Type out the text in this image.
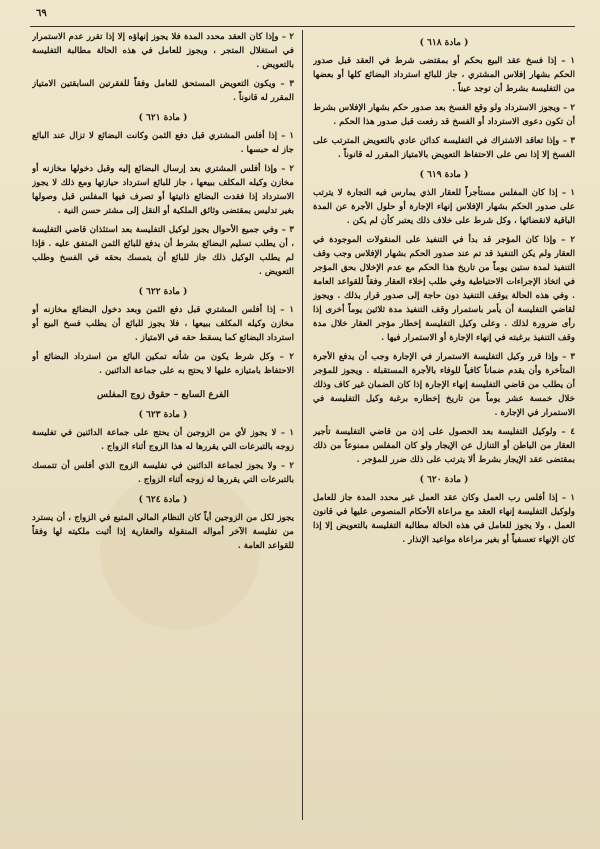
٦٩
( مادة ٦١٨ )
١ – إذا فسخ عقد البيع بحكم أو بمقتضى شرط في العقد قبل صدور الحكم بشهار إفلاس المشتري ، جاز للبائع استرداد البضائع كلها أو بعضها من التفليسة بشرط أن توجد عيناً .
٢ – ويجوز الاسترداد ولو وقع الفسخ بعد صدور حكم بشهار الإفلاس بشرط أن تكون دعوى الاسترداد أو الفسخ قد رفعت قبل صدور هذا الحكم .
٣ – وإذا تعاقد الاشتراك في التفليسة كدائن عادي بالتعويض المترتب على الفسخ إلا إذا نص على الاحتفاظ التعويض بالامتياز المقرر له قانوناً .
( مادة ٦١٩ )
١ – إذا كان المفلس مستأجراً للعقار الذي يمارس فيه التجارة لا يترتب على صدور الحكم بشهار الإفلاس إنهاء الإجارة أو حلول الأجرة عن المدة الباقية لانقضائها ، وكل شرط على خلاف ذلك يعتبر كأن لم يكن .
٢ – وإذا كان المؤجر قد بدأ في التنفيذ على المنقولات الموجودة في العقار ولم يكن التنفيذ قد تم عند صدور الحكم بشهار الإفلاس وجب وقف التنفيذ لمدة ستين يوماً من تاريخ هذا الحكم مع عدم الإخلال بحق المؤجر في اتخاذ الإجراءات الاحتياطية وفي طلب إخلاء العقار وفقاً للقواعد العامة . وفي هذه الحالة يوقف التنفيذ دون حاجة إلى صدور قرار بذلك . ويجوز لقاضي التفليسة أن يأمر باستمرار وقف التنفيذ مدة ثلاثين يوماً أخرى إذا رأى ضرورة لذلك . وعلى وكيل التفليسة إخطار مؤجر العقار خلال مدة وقف التنفيذ برغبته في إنهاء الإجارة أو الاستمرار فيها .
٣ – وإذا قرر وكيل التفليسة الاستمرار في الإجارة وجب أن يدفع الأجرة المتأخرة وأن يقدم ضماناً كافياً للوفاء بالأجرة المستقبلة . ويجوز للمؤجر أن يطلب من قاضي التفليسة إنهاء الإجارة إذا كان الضمان غير كاف وذلك خلال خمسة عشر يوماً من تاريخ إخطاره برغبة وكيل التفليسة في الاستمرار في الإجارة .
٤ – ولوكيل التفليسة بعد الحصول على إذن من قاضي التفليسة تأجير العقار من الباطن أو التنازل عن الإيجار ولو كان المفلس ممنوعاً من ذلك بمقتضى عقد الإيجار بشرط ألا يترتب على ذلك ضرر للمؤجر .
( مادة ٦٢٠ )
١ – إذا أفلس رب العمل وكان عقد العمل غير محدد المدة جاز للعامل ولوكيل التفليسة إنهاء العقد مع مراعاة الأحكام المنصوص عليها في قانون العمل ، ولا يجوز للعامل في هذه الحالة مطالبة التفليسة بالتعويض إلا إذا كان الإنهاء تعسفياً أو بغير مراعاة مواعيد الإنذار .
٢ – وإذا كان العقد محدد المدة فلا يجوز إنهاؤه إلا إذا تقرر عدم الاستمرار في استغلال المتجر ، ويجوز للعامل في هذه الحالة مطالبة التفليسة بالتعويض .
٣ – ويكون التعويض المستحق للعامل وفقاً للفقرتين السابقتين الامتياز المقرر له قانوناً .
( مادة ٦٢١ )
١ – إذا أفلس المشتري قبل دفع الثمن وكانت البضائع لا تزال عند البائع جاز له حبسها .
٢ – وإذا أفلس المشتري بعد إرسال البضائع إليه وقبل دخولها مخازنه أو مخازن وكيله المكلف ببيعها ، جاز للبائع استرداد حيازتها ومع ذلك لا يجوز الاسترداد إذا فقدت البضائع ذاتيتها أو تصرف فيها المفلس قبل وصولها بغير تدليس بمقتضى وثائق الملكية أو النقل إلى مشتر حسن النية .
٣ – وفي جميع الأحوال يجوز لوكيل التفليسة بعد استئذان قاضي التفليسة ، أن يطلب تسليم البضائع بشرط أن يدفع للبائع الثمن المتفق عليه . فإذا لم يطلب الوكيل ذلك جاز للبائع أن يتمسك بحقه في الفسخ وطلب التعويض .
( مادة ٦٢٢ )
١ – إذا أفلس المشتري قبل دفع الثمن وبعد دخول البضائع مخازنه أو مخازن وكيله المكلف ببيعها ، فلا يجوز للبائع أن يطلب فسخ البيع أو استرداد البضائع كما يسقط حقه في الامتياز .
٢ – وكل شرط يكون من شأنه تمكين البائع من استرداد البضائع أو الاحتفاظ بامتيازه عليها لا يحتج به على جماعة الدائنين .
الفرع السابع – حقوق زوج المفلس
( مادة ٦٢٣ )
١ – لا يجوز لأي من الزوجين أن يحتج على جماعة الدائنين في تفليسة زوجه بالتبرعات التي يقررها له هذا الزوج أثناء الزواج .
٢ – ولا يجوز لجماعة الدائنين في تفليسة الزوج الذي أفلس أن تتمسك بالتبرعات التي يقررها له زوجه أثناء الزواج .
( مادة ٦٢٤ )
يجوز لكل من الزوجين أياً كان النظام المالي المتبع في الزواج ، أن يسترد من تفليسة الآخر أمواله المنقولة والعقارية إذا أثبت ملكيته لها وفقاً للقواعد العامة .
